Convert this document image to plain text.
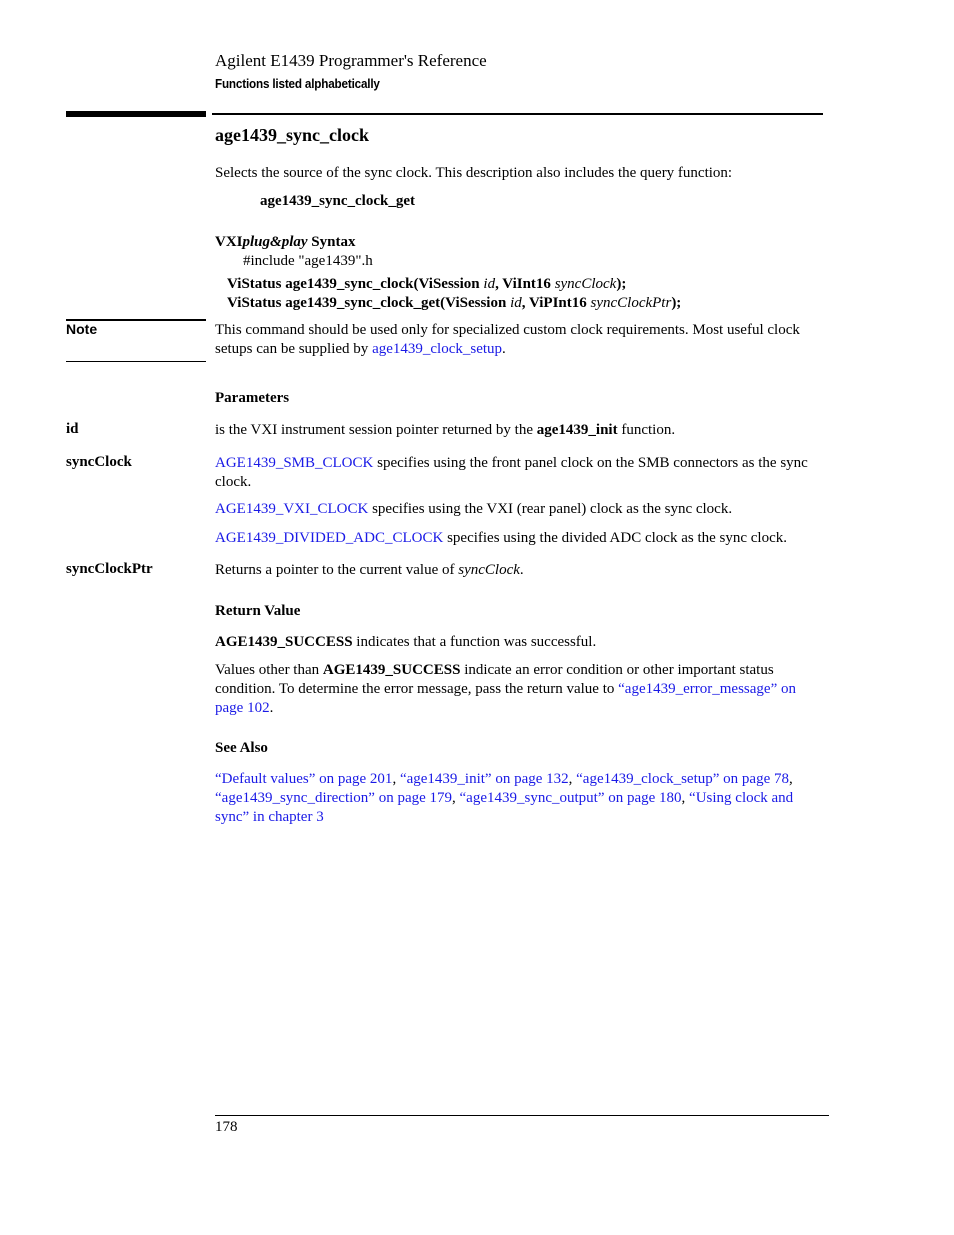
Agilent E1439 Programmer's Reference
Functions listed alphabetically
age1439_sync_clock
Selects the source of the sync clock. This description also includes the query function:
age1439_sync_clock_get
VXIplug&play Syntax
#include "age1439".h
ViStatus age1439_sync_clock(ViSession id, ViInt16 syncClock);
ViStatus age1439_sync_clock_get(ViSession id, ViPInt16 syncClockPtr);
Note	This command should be used only for specialized custom clock requirements. Most useful clock setups can be supplied by age1439_clock_setup.
Parameters
id	is the VXI instrument session pointer returned by the age1439_init function.
syncClock	AGE1439_SMB_CLOCK specifies using the front panel clock on the SMB connectors as the sync clock.
AGE1439_VXI_CLOCK specifies using the VXI (rear panel) clock as the sync clock.
AGE1439_DIVIDED_ADC_CLOCK specifies using the divided ADC clock as the sync clock.
syncClockPtr	Returns a pointer to the current value of syncClock.
Return Value
AGE1439_SUCCESS indicates that a function was successful.
Values other than AGE1439_SUCCESS indicate an error condition or other important status condition. To determine the error message, pass the return value to “age1439_error_message” on page 102.
See Also
“Default values” on page 201, “age1439_init” on page 132, “age1439_clock_setup” on page 78, “age1439_sync_direction” on page 179, “age1439_sync_output” on page 180, “Using clock and sync” in chapter 3
178
